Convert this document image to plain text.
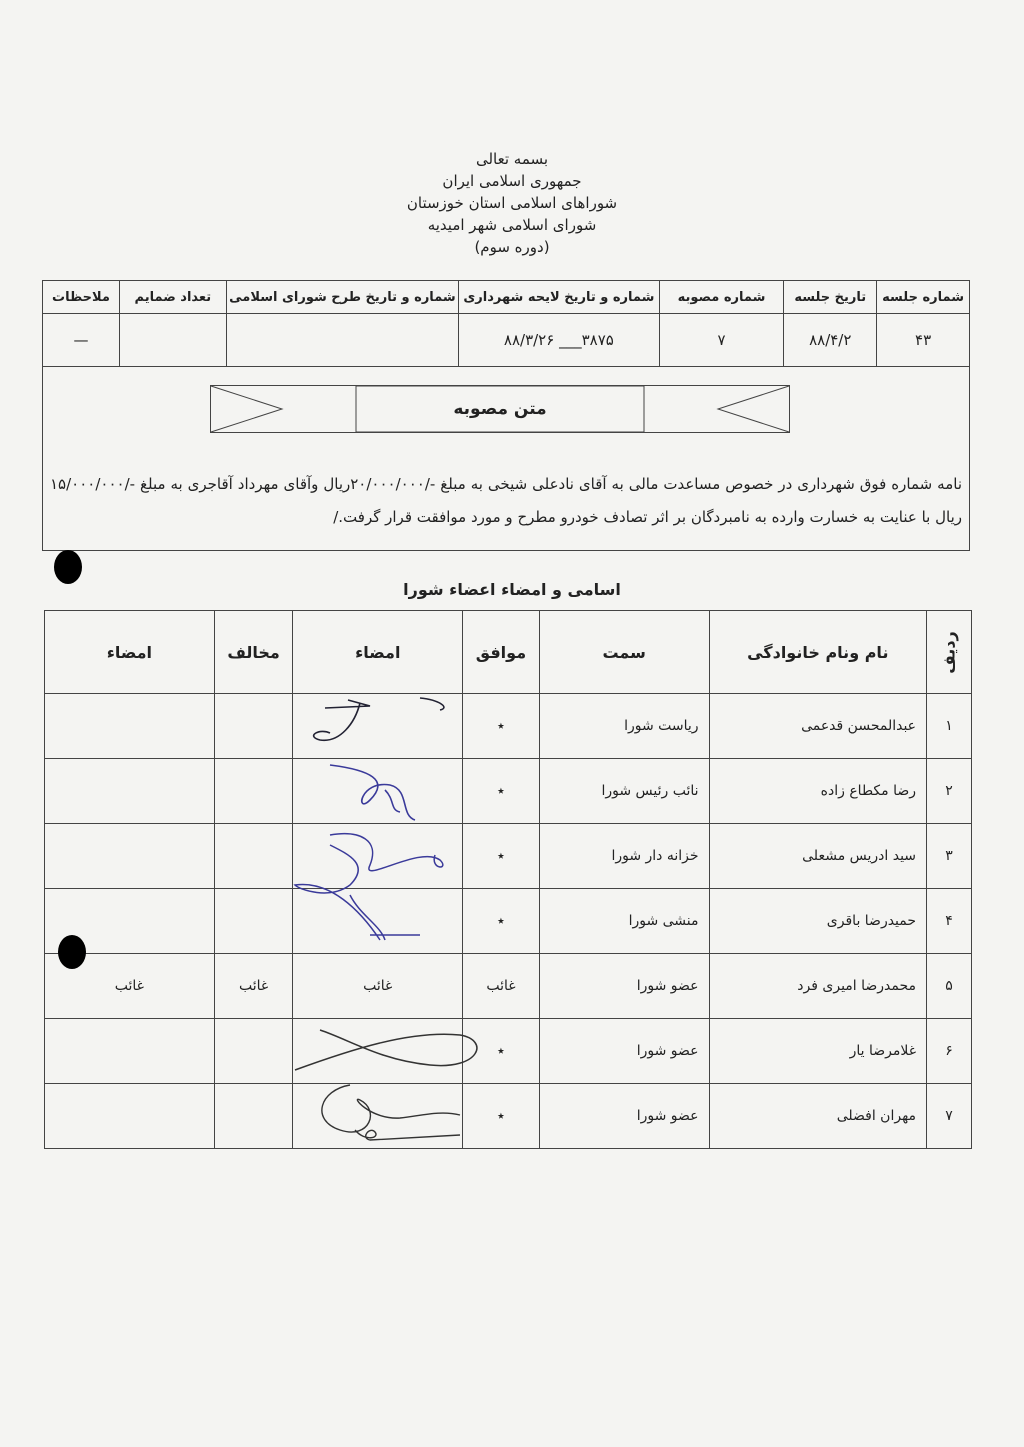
بسمه تعالی
جمهوری اسلامی ایران
شوراهای اسلامی استان خوزستان
شورای اسلامی شهر امیدیه
(دوره سوم)
شماره جلسه	تاریخ جلسه	شماره مصوبه	شماره و تاریخ لایحه شهرداری	شماره و تاریخ طرح شورای اسلامی	تعداد ضمایم	ملاحظات
۴۳	۸۸/۴/۲	۷	۳۸۷۵___ ۸۸/۳/۲۶			—
متن مصوبه
نامه شماره فوق شهرداری در خصوص مساعدت مالی به آقای نادعلی شیخی به مبلغ -/۲۰/۰۰۰/۰۰۰ریال وآقای مهرداد آقاجری به مبلغ -/۱۵/۰۰۰/۰۰۰ ریال با عنایت به خسارت وارده به نامبردگان بر اثر تصادف خودرو مطرح و مورد موافقت قرار گرفت./
اسامی و امضاء اعضاء شورا
ردیف	نام ونام خانوادگی	سمت	موافق	امضاء	مخالف	امضاء
۱	عبدالمحسن قدعمی	ریاست شورا	٭			
۲	رضا مکطاع زاده	نائب رئیس شورا	٭			
۳	سید ادریس مشعلی	خزانه دار شورا	٭			
۴	حمیدرضا باقری	منشی شورا	٭			
۵	محمدرضا امیری فرد	عضو شورا	غائب	غائب	غائب	غائب
۶	غلامرضا یار	عضو شورا	٭			
۷	مهران افضلی	عضو شورا	٭			
